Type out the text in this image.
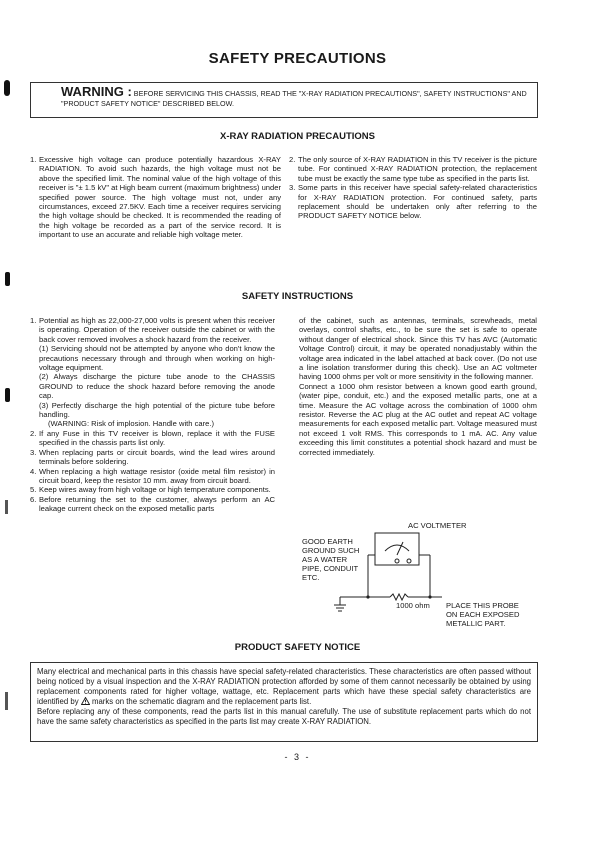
SAFETY PRECAUTIONS
WARNING : BEFORE SERVICING THIS CHASSIS, READ THE "X-RAY RADIATION PRECAUTIONS", SAFETY INSTRUCTIONS" AND "PRODUCT SAFETY NOTICE" DESCRIBED BELOW.
X-RAY RADIATION PRECAUTIONS
1. Excessive high voltage can produce potentially hazardous X-RAY RADIATION. To avoid such hazards, the high voltage must not be above the specified limit. The nominal value of the high voltage of this receiver is "± 1.5 kV" at High beam current (maximum brightness) under specified power source. The high voltage must not, under any circumstances, exceed 27.5KV. Each time a receiver requires servicing the high voltage should be checked. It is recommended the reading of the high voltage be recorded as a part of the service record. It is important to use an accurate and reliable high voltage meter.
2. The only source of X-RAY RADIATION in this TV receiver is the picture tube. For continued X-RAY RADIATION protection, the replacement tube must be exactly the same type tube as specified in the parts list.
3. Some parts in this receiver have special safety-related characteristics for X-RAY RADIATION protection. For continued safety, parts replacement should be undertaken only after referring to the PRODUCT SAFETY NOTICE below.
SAFETY INSTRUCTIONS
1. Potential as high as 22,000-27,000 volts is present when this receiver is operating. Operation of the receiver outside the cabinet or with the back cover removed involves a shock hazard from the receiver.
(1) Servicing should not be attempted by anyone who don't know the precautions necessary through and through when working on high-voltage equipment.
(2) Always discharge the picture tube anode to the CHASSIS GROUND to reduce the shock hazard before removing the anode cap.
(3) Perfectly discharge the high potential of the picture tube before handling.
(WARNING: Risk of implosion. Handle with care.)
2. If any Fuse in this TV receiver is blown, replace it with the FUSE specified in the chassis parts list only.
3. When replacing parts or circuit boards, wind the lead wires around terminals before soldering.
4. When replacing a high wattage resistor (oxide metal film resistor) in circuit board, keep the resistor 10 mm. away from circuit board.
5. Keep wires away from high voltage or high temperature components.
6. Before returning the set to the customer, always perform an AC leakage current check on the exposed metallic parts

of the cabinet, such as antennas, terminals, screwheads, metal overlays, control shafts, etc., to be sure the set is safe to operate without danger of electrical shock. Since this TV has AVC (Automatic Voltage Control) circuit, it may be operated nonadjustably within the voltage area indicated in the label attached at back cover. (Do not use a line isolation transformer during this check). Use an AC voltmeter having 1000 ohms per volt or more sensitivity in the following manner.

Connect a 1000 ohm resistor between a known good earth ground, (water pipe, conduit, etc.) and the exposed metallic parts, one at a time. Measure the AC voltage across the combination of 1000 ohm resistor. Reverse the AC plug at the AC outlet and repeat AC voltage measurements for each exposed metallic part. Voltage measured must not exceed 1 volt RMS. This corresponds to 1 mA. AC. Any value exceeding this limit constitutes a potential shock hazard and must be corrected immediately.

AC VOLTMETER
GOOD EARTH
GROUND SUCH
AS A WATER
PIPE, CONDUIT
ETC.
1000 ohm PLACE THIS PROBE
ON EACH EXPOSED
METALLIC PART.
PRODUCT SAFETY NOTICE

Many electrical and mechanical parts in this chassis have special safety-related characteristics. These characteristics are often passed without being noticed by a visual inspection and the X-RAY RADIATION protection afforded by some of them cannot necessarily be obtained by using replacement components rated for higher voltage, wattage, etc. Replacement parts which have these special safety characteristics are identified by marks on the schematic diagram and the replacement parts list.

Before replacing any of these components, read the parts list in this manual carefully. The use of substitute replacement parts which do not have the same safety characteristics as specified in the parts list may create X-RAY RADIATION.

- 3 -
